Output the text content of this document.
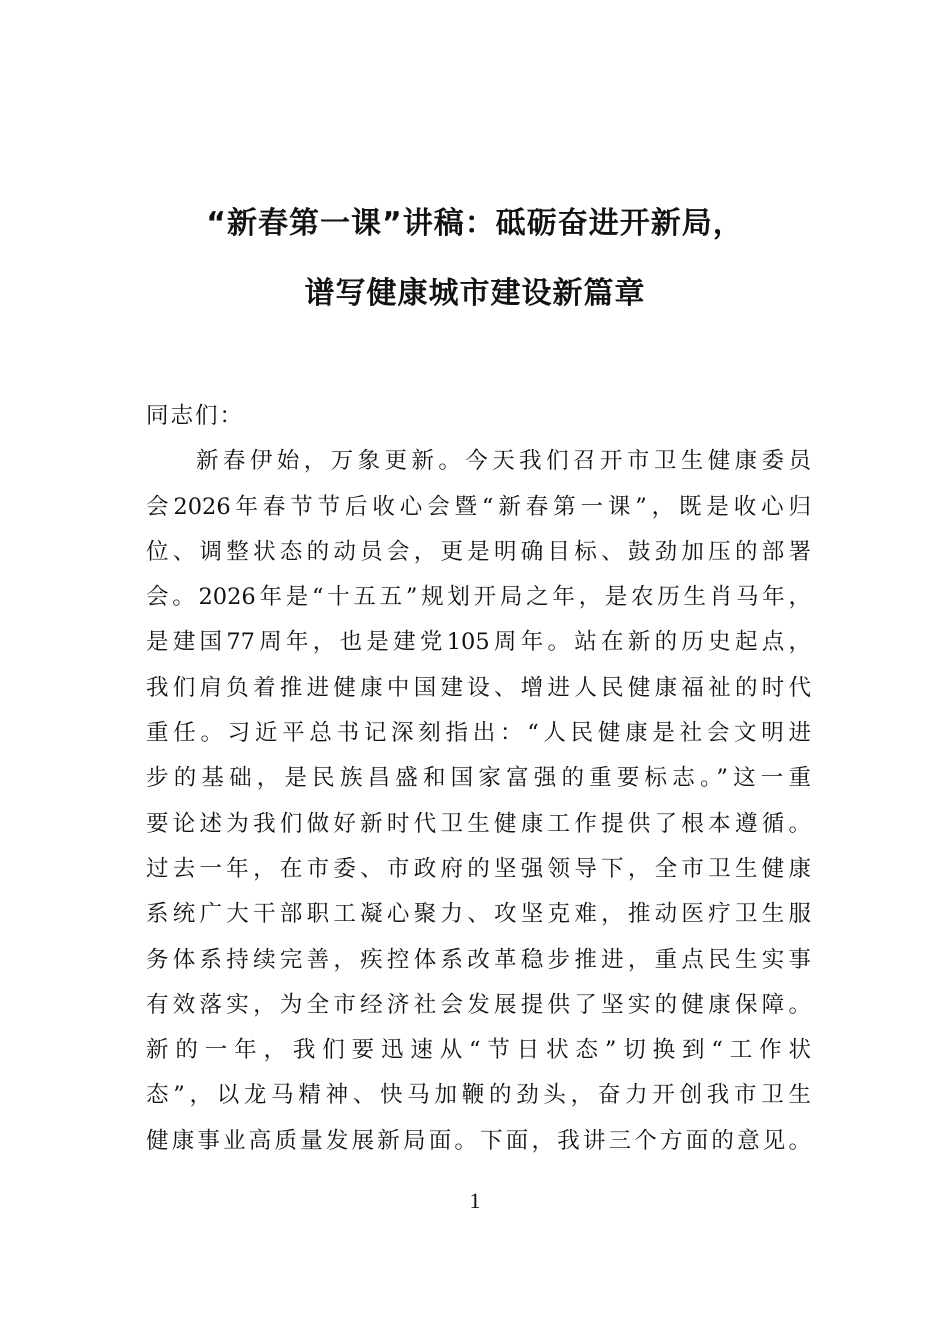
“新春第一课”讲稿：砥砺奋进开新局，
谱写健康城市建设新篇章
同志们：
新春伊始，万象更新。今天我们召开市卫生健康委员
会2026年春节节后收心会暨“新春第一课”，既是收心归
位、调整状态的动员会，更是明确目标、鼓劲加压的部署
会。2026年是“十五五”规划开局之年，是农历生肖马年，
是建国77周年，也是建党105周年。站在新的历史起点，
我们肩负着推进健康中国建设、增进人民健康福祉的时代
重任。习近平总书记深刻指出：“人民健康是社会文明进
步的基础，是民族昌盛和国家富强的重要标志。”这一重
要论述为我们做好新时代卫生健康工作提供了根本遵循。
过去一年，在市委、市政府的坚强领导下，全市卫生健康
系统广大干部职工凝心聚力、攻坚克难，推动医疗卫生服
务体系持续完善，疾控体系改革稳步推进，重点民生实事
有效落实，为全市经济社会发展提供了坚实的健康保障。
新的一年，我们要迅速从“节日状态”切换到“工作状
态”，以龙马精神、快马加鞭的劲头，奋力开创我市卫生
健康事业高质量发展新局面。下面，我讲三个方面的意见。
1
